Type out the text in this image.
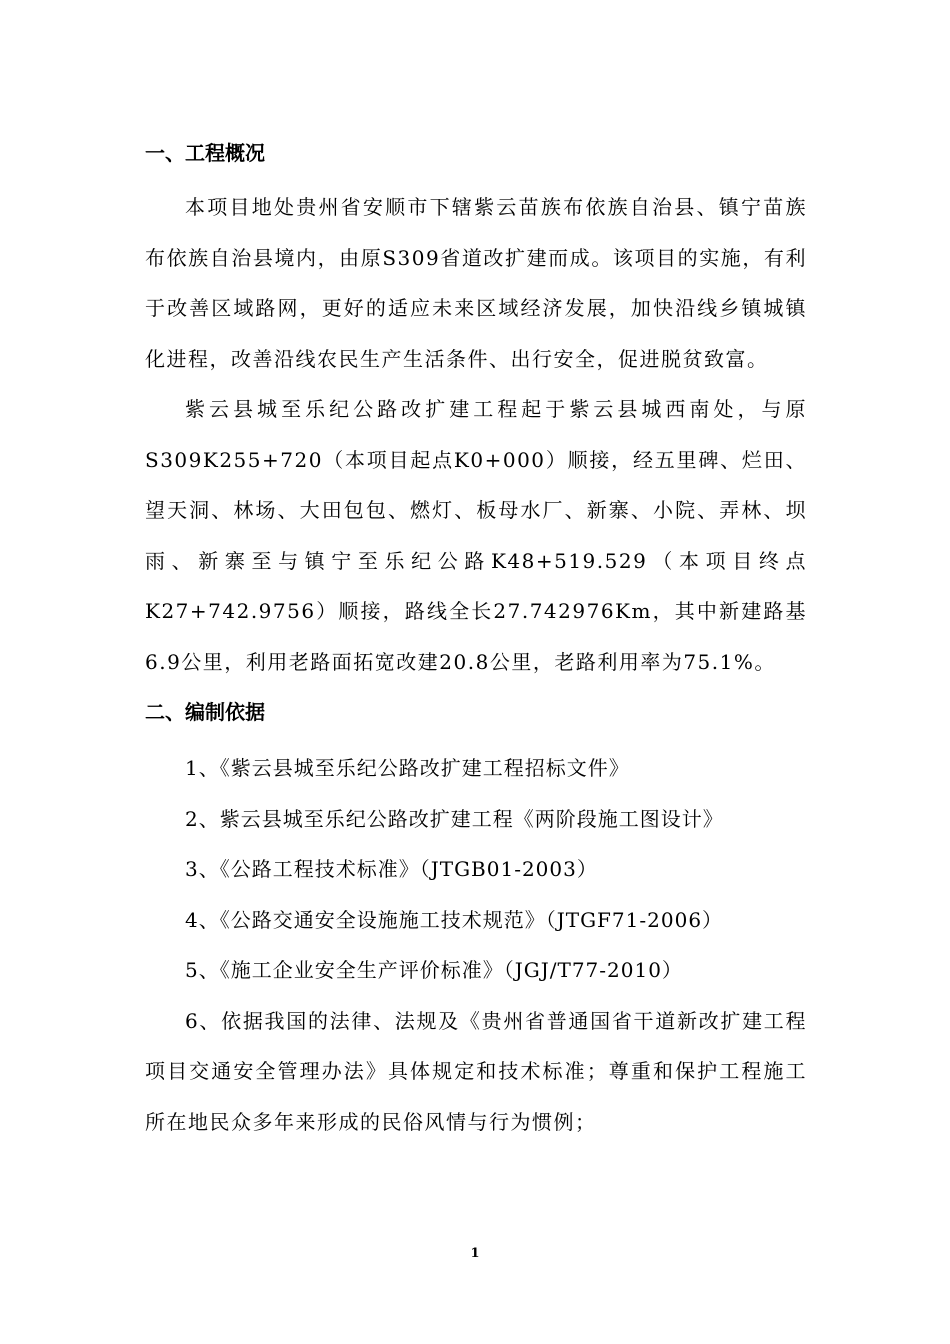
一、工程概况

本项目地处贵州省安顺市下辖紫云苗族布依族自治县、镇宁苗族布依族自治县境内，由原S309省道改扩建而成。该项目的实施，有利于改善区域路网，更好的适应未来区域经济发展，加快沿线乡镇城镇化进程，改善沿线农民生产生活条件、出行安全，促进脱贫致富。

紫云县城至乐纪公路改扩建工程起于紫云县城西南处，与原S309K255+720（本项目起点K0+000）顺接，经五里碑、烂田、望天洞、林场、大田包包、燃灯、板母水厂、新寨、小院、弄林、坝雨、新寨至与镇宁至乐纪公路K48+519.529（本项目终点K27+742.9756）顺接，路线全长27.742976Km，其中新建路基6.9公里，利用老路面拓宽改建20.8公里，老路利用率为75.1%。

二、编制依据

1、《紫云县城至乐纪公路改扩建工程招标文件》

2、紫云县城至乐纪公路改扩建工程《两阶段施工图设计》

3、《公路工程技术标准》（JTGB01-2003）

4、《公路交通安全设施施工技术规范》（JTGF71-2006）

5、《施工企业安全生产评价标准》（JGJ/T77-2010）

6、依据我国的法律、法规及《贵州省普通国省干道新改扩建工程项目交通安全管理办法》具体规定和技术标准；尊重和保护工程施工所在地民众多年来形成的民俗风情与行为惯例；

1
